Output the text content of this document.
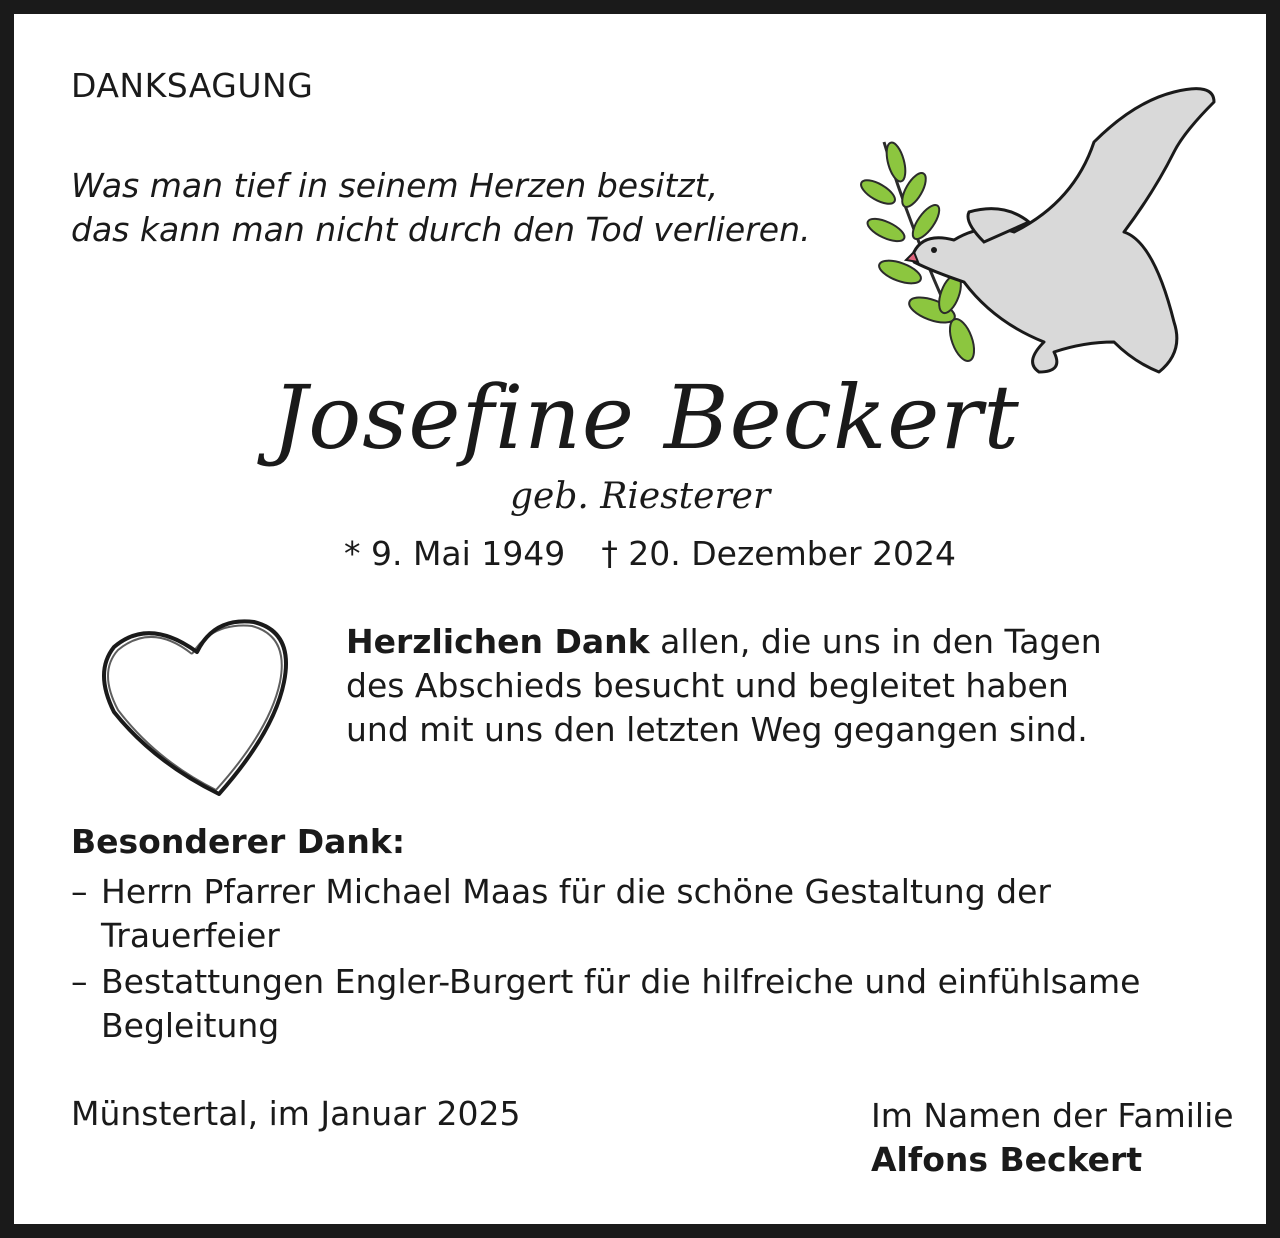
DANKSAGUNG
Was man tief in seinem Herzen besitzt,
das kann man nicht durch den Tod verlieren.
Josefine Beckert
geb. Riesterer
* 9. Mai 1949 † 20. Dezember 2024
Herzlichen Dank allen, die uns in den Tagen
des Abschieds besucht und begleitet haben
und mit uns den letzten Weg gegangen sind.
Besonderer Dank:
– Herrn Pfarrer Michael Maas für die schöne Gestaltung der
Trauerfeier
– Bestattungen Engler-Burgert für die hilfreiche und einfühlsame
Begleitung
Münstertal, im Januar 2025	Im Namen der Familie
Alfons Beckert
